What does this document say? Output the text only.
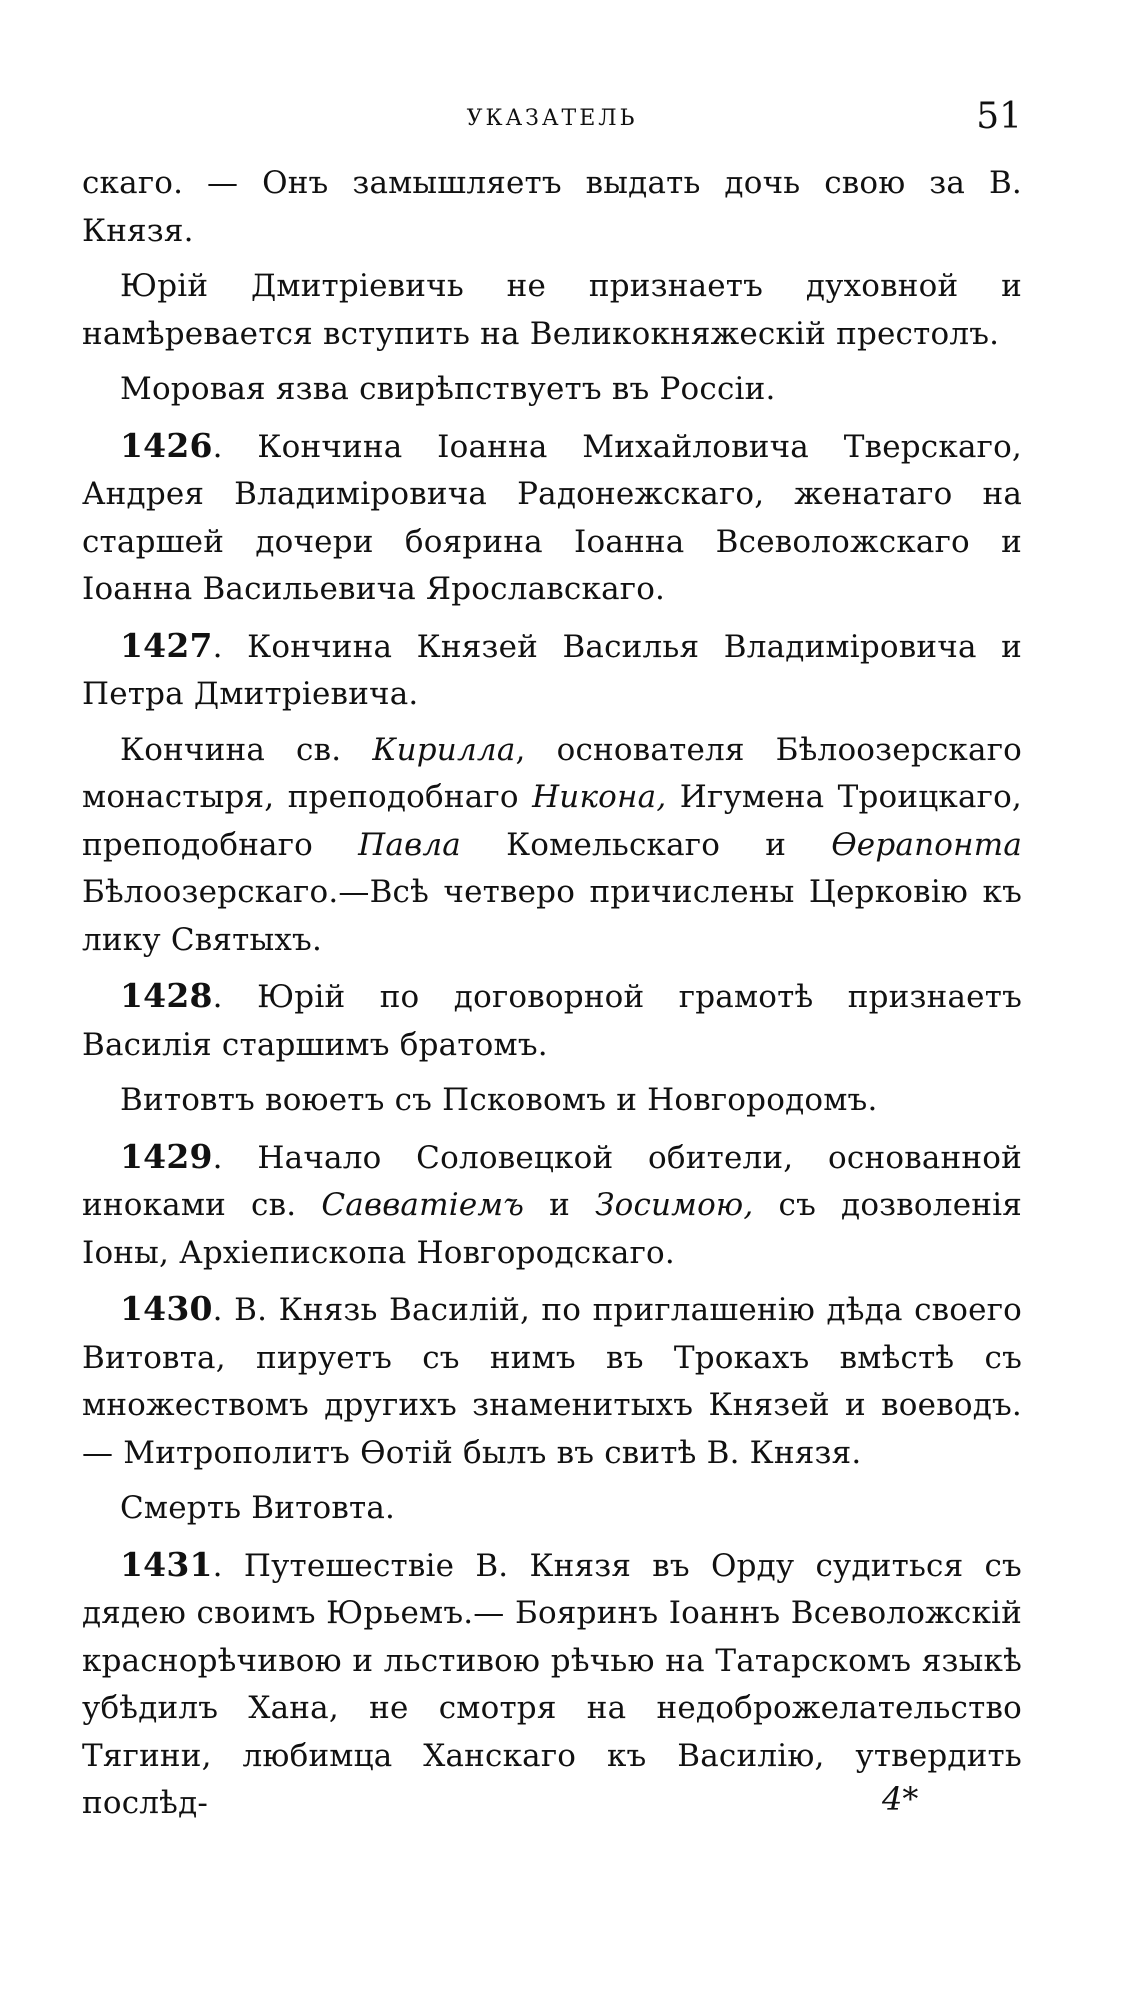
УКАЗАТЕЛЬ	51

скаго. — Онъ замышляетъ выдать дочь свою за В. Князя.

Юрій Дмитріевичь не признаетъ духовной и намѣревается вступить на Великокняжескій престолъ.

Моровая язва свирѣпствуетъ въ Россіи.

1426. Кончина Іоанна Михайловича Тверскаго, Андрея Владиміровича Радонежскаго, женатаго на старшей дочери боярина Іоанна Всеволожскаго и Іоанна Васильевича Ярославскаго.

1427. Кончина Князей Василья Владиміровича и Петра Дмитріевича.

Кончина св. Кирилла, основателя Бѣлоозерскаго монастыря, преподобнаго Никона, Игумена Троицкаго, преподобнаго Павла Комельскаго и Ѳерапонта Бѣлоозерскаго.—Всѣ четверо причислены Церковію къ лику Святыхъ.

1428. Юрій по договорной грамотѣ признаетъ Василія старшимъ братомъ.

Витовтъ воюетъ съ Псковомъ и Новгородомъ.

1429. Начало Соловецкой обители, основанной иноками св. Савватіемъ и Зосимою, съ дозволенія Іоны, Архіепископа Новгородскаго.

1430. В. Князь Василій, по приглашенію дѣда своего Витовта, пируетъ съ нимъ въ Трокахъ вмѣстѣ съ множествомъ другихъ знаменитыхъ Князей и воеводъ.— Митрополитъ Ѳотій былъ въ свитѣ В. Князя.

Смерть Витовта.

1431. Путешествіе В. Князя въ Орду судиться съ дядею своимъ Юрьемъ.— Бояринъ Іоаннъ Всеволожскій краснорѣчивою и льстивою рѣчью на Татарскомъ языкѣ убѣдилъ Хана, не смотря на недоброжелательство Тягини, любимца Ханскаго къ Василію, утвердить послѣд-	4*
